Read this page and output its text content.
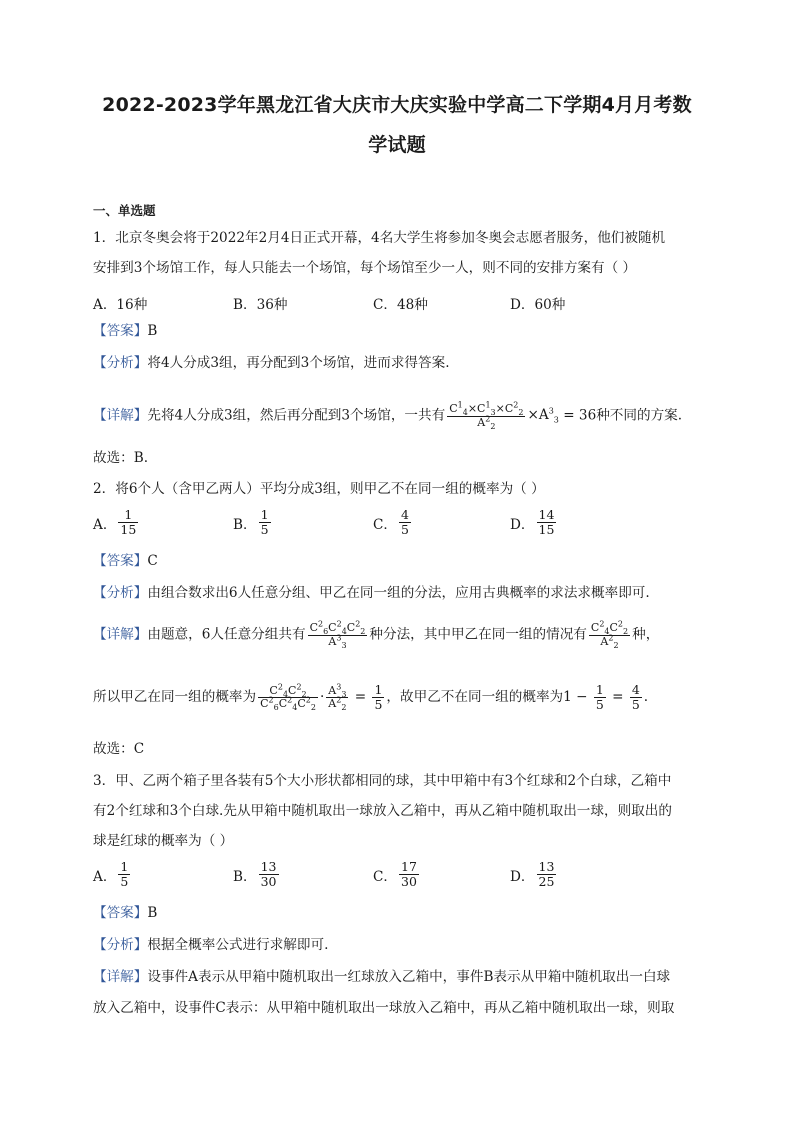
2022-2023学年黑龙江省大庆市大庆实验中学高二下学期4月月考数
学试题
一、单选题
1．北京冬奥会将于2022年2月4日正式开幕，4名大学生将参加冬奥会志愿者服务，他们被随机
安排到3个场馆工作，每人只能去一个场馆，每个场馆至少一人，则不同的安排方案有（ ）
A．16种	B．36种	C．48种	D．60种
【答案】B
【分析】将4人分成3组，再分配到3个场馆，进而求得答案.
【详解】先将4人分成3组，然后再分配到3个场馆，一共有 $\frac{C^1_4\times C^1_3\times C^2_2}{A^2_2} \times A^3_3 = 36$种不同的方案.
故选：B.
2．将6个人（含甲乙两人）平均分成3组，则甲乙不在同一组的概率为（ ）
A． $\frac{1}{15}$	B． $\frac{1}{5}$	C． $\frac{4}{5}$	D． $\frac{14}{15}$
【答案】C
【分析】由组合数求出6人任意分组、甲乙在同一组的分法，应用古典概率的求法求概率即可.
【详解】由题意，6人任意分组共有 $\frac{C^2_6C^2_4C^2_2}{A^3_3}$ 种分法，其中甲乙在同一组的情况有 $\frac{C^2_4C^2_2}{A^2_2}$ 种，
所以甲乙在同一组的概率为 $\frac{C^2_4C^2_2}{C^2_6C^2_4C^2_2} \cdot \frac{A^3_3}{A^2_2} = \frac{1}{5}$ ，故甲乙不在同一组的概率为$1 - \frac{1}{5} = \frac{4}{5}$ .
故选：C
3．甲、乙两个箱子里各装有5个大小形状都相同的球，其中甲箱中有3个红球和2个白球，乙箱中
有2个红球和3个白球.先从甲箱中随机取出一球放入乙箱中，再从乙箱中随机取出一球，则取出的
球是红球的概率为（ ）
A． $\frac{1}{5}$	B． $\frac{13}{30}$	C． $\frac{17}{30}$	D． $\frac{13}{25}$
【答案】B
【分析】根据全概率公式进行求解即可.
【详解】设事件A表示从甲箱中随机取出一红球放入乙箱中，事件B表示从甲箱中随机取出一白球
放入乙箱中，设事件C表示：从甲箱中随机取出一球放入乙箱中，再从乙箱中随机取出一球，则取
